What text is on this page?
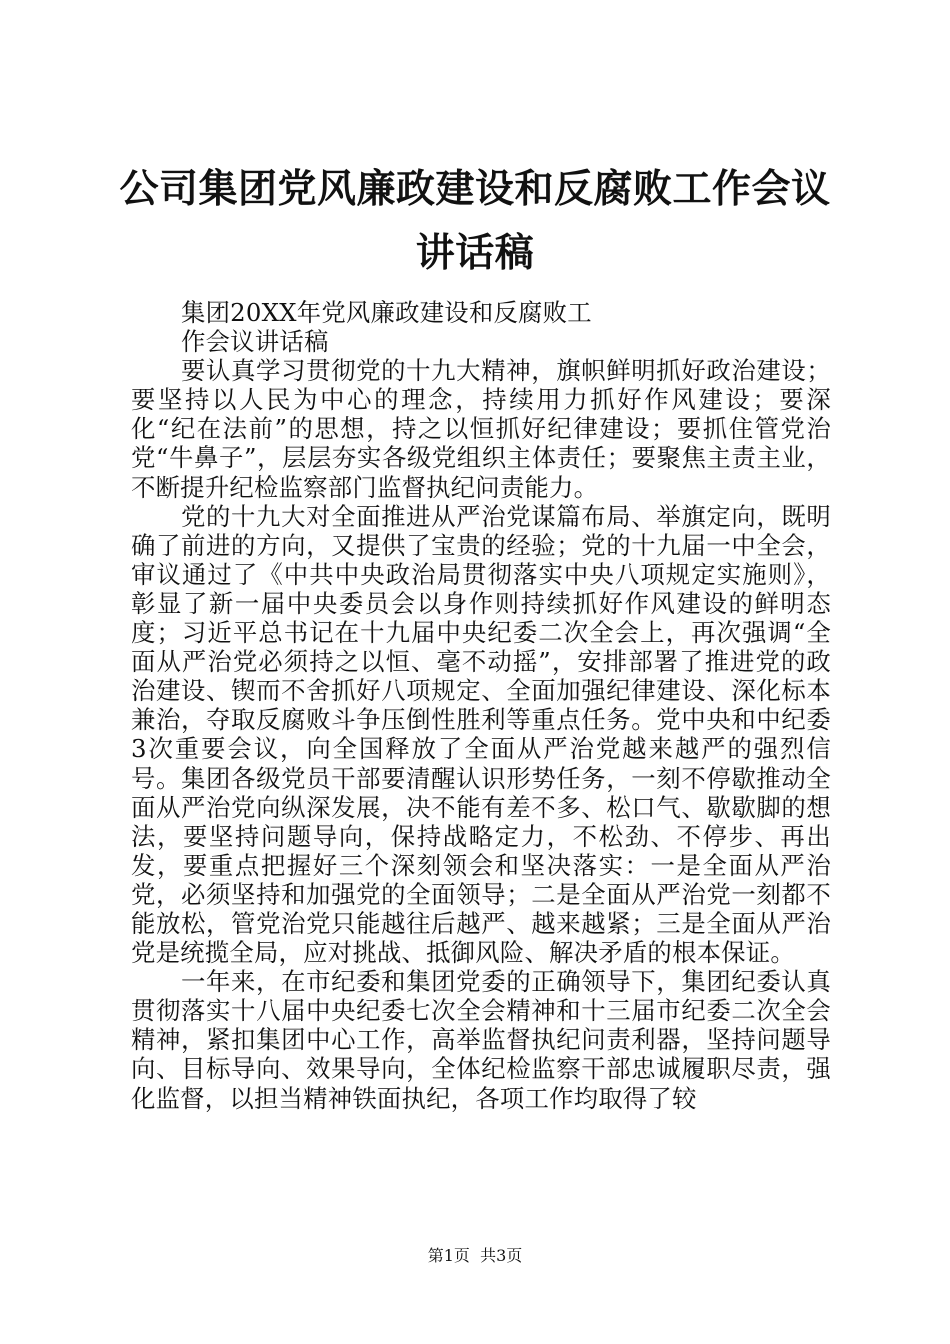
公司集团党风廉政建设和反腐败工作会议讲话稿

集团20XX年党风廉政建设和反腐败工

作会议讲话稿

要认真学习贯彻党的十九大精神，旗帜鲜明抓好政治建设；要坚持以人民为中心的理念，持续用力抓好作风建设；要深化“纪在法前”的思想，持之以恒抓好纪律建设；要抓住管党治党“牛鼻子”，层层夯实各级党组织主体责任；要聚焦主责主业，不断提升纪检监察部门监督执纪问责能力。

党的十九大对全面推进从严治党谋篇布局、举旗定向，既明确了前进的方向，又提供了宝贵的经验；党的十九届一中全会，审议通过了《中共中央政治局贯彻落实中央八项规定实施则》，彰显了新一届中央委员会以身作则持续抓好作风建设的鲜明态度；习近平总书记在十九届中央纪委二次全会上，再次强调“全面从严治党必须持之以恒、毫不动摇”，安排部署了推进党的政治建设、锲而不舍抓好八项规定、全面加强纪律建设、深化标本兼治，夺取反腐败斗争压倒性胜利等重点任务。党中央和中纪委3次重要会议，向全国释放了全面从严治党越来越严的强烈信号。集团各级党员干部要清醒认识形势任务，一刻不停歇推动全面从严治党向纵深发展，决不能有差不多、松口气、歇歇脚的想法，要坚持问题导向，保持战略定力，不松劲、不停步、再出发，要重点把握好三个深刻领会和坚决落实：一是全面从严治党，必须坚持和加强党的全面领导；二是全面从严治党一刻都不能放松，管党治党只能越往后越严、越来越紧；三是全面从严治党是统揽全局，应对挑战、抵御风险、解决矛盾的根本保证。

一年来，在市纪委和集团党委的正确领导下，集团纪委认真贯彻落实十八届中央纪委七次全会精神和十三届市纪委二次全会精神，紧扣集团中心工作，高举监督执纪问责利器，坚持问题导向、目标导向、效果导向，全体纪检监察干部忠诚履职尽责，强化监督，以担当精神铁面执纪，各项工作均取得了较

第1页  共3页
